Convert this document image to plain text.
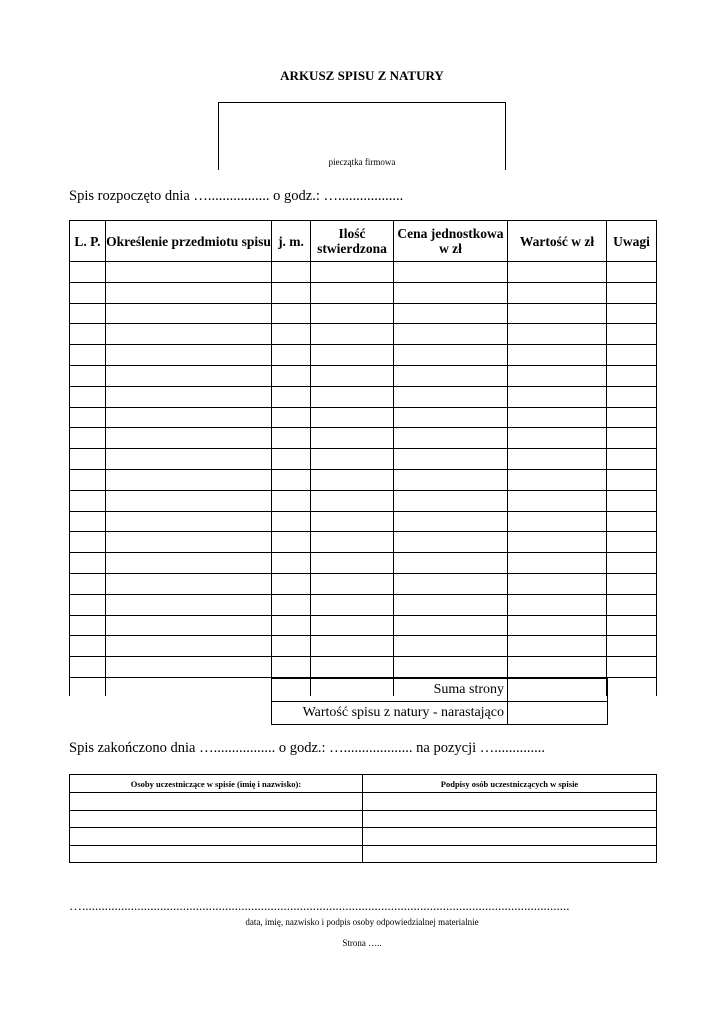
ARKUSZ SPISU Z NATURY
pieczątka firmowa
Spis rozpoczęto dnia …................. o godz.: …..................
L. P.	Określenie przedmiotu spisu	j. m.	Ilość stwierdzona	Cena jednostkowa w zł	Wartość w zł	Uwagi

Suma strony	
Wartość spisu z natury - narastająco	
Spis zakończono dnia …................. o godz.: …................... na pozycji …..............
Osoby uczestniczące w spisie (imię i nazwisko):	Podpisy osób uczestniczących w spisie

…......................................................................................................................................................
data, imię, nazwisko i podpis osoby odpowiedzialnej materialnie
Strona …..
